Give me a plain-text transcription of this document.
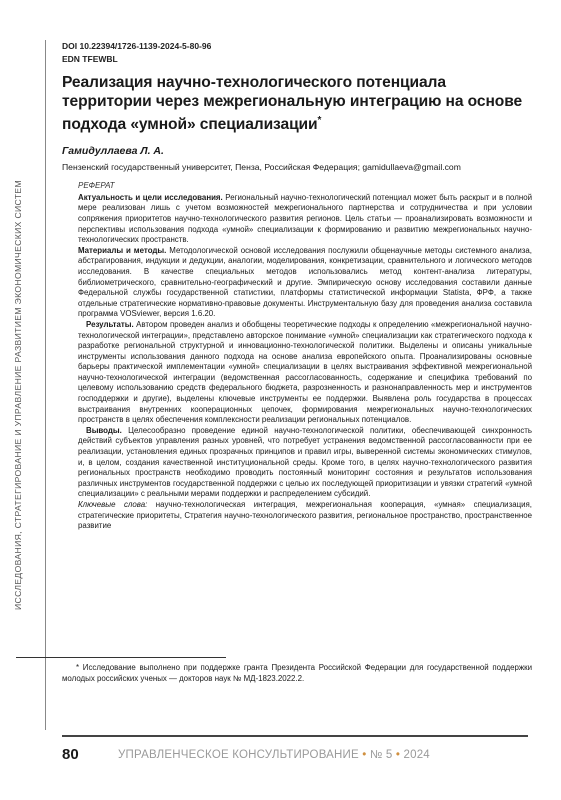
ИССЛЕДОВАНИЯ, СТРАТЕГИРОВАНИЕ И УПРАВЛЕНИЕ РАЗВИТИЕМ ЭКОНОМИЧЕСКИХ СИСТЕМ
DOI 10.22394/1726-1139-2024-5-80-96
EDN TFEWBL
Реализация научно-технологического потенциала территории через межрегиональную интеграцию на основе подхода «умной» специализации*
Гамидуллаева Л. А.
Пензенский государственный университет, Пенза, Российская Федерация; gamidullaeva@gmail.com
РЕФЕРАТ

Актуальность и цели исследования. Региональный научно-технологический потенциал может быть раскрыт и в полной мере реализован лишь с учетом возможностей межрегионального партнерства и сотрудничества и при условии сопряжения приоритетов научно-технологического развития регионов. Цель статьи — проанализировать возможности и перспективы использования подхода «умной» специализации к формированию и развитию межрегиональных научно-технологических пространств.

Материалы и методы. Методологической основой исследования послужили общенаучные методы системного анализа, абстрагирования, индукции и дедукции, аналогии, моделирования, конкретизации, сравнительного и логического методов исследования. В качестве специальных методов использовались метод контент-анализа литературы, библиометрического, сравнительно-географический и другие. Эмпирическую основу исследования составили данные Федеральной службы государственной статистики, платформы статистической информации Statista, ФРФ, а также отдельные стратегические нормативно-правовые документы. Инструментальную базу для проведения анализа составила программа VOSviewer, версия 1.6.20.

Результаты. Автором проведен анализ и обобщены теоретические подходы к определению «межрегиональной научно-технологической интеграции», представлено авторское понимание «умной» специализации как стратегического подхода к разработке региональной структурной и инновационно-технологической политики. Выделены и описаны уникальные инструменты использования данного подхода на основе анализа европейского опыта. Проанализированы основные барьеры практической имплементации «умной» специализации в целях выстраивания эффективной межрегиональной научно-технологической интеграции (ведомственная рассогласованность, содержание и специфика требований по целевому использованию средств федерального бюджета, разрозненность и разнонаправленность мер и инструментов господдержки и другие), выделены ключевые инструменты ее поддержки. Выявлена роль государства в процессах выстраивания внутренних кооперационных цепочек, формирования межрегиональных научно-технологических пространств в целях обеспечения комплексности реализации региональных потенциалов.

Выводы. Целесообразно проведение единой научно-технологической политики, обеспечивающей синхронность действий субъектов управления разных уровней, что потребует устранения ведомственной рассогласованности при ее реализации, установления единых прозрачных принципов и правил игры, выверенной системы экономических стимулов, и, в целом, создания качественной институциональной среды. Кроме того, в целях научно-технологического развития региональных пространств необходимо проводить постоянный мониторинг состояния и результатов использования различных инструментов государственной поддержки с целью их последующей приоритизации и увязки стратегий «умной специализации» с реальными мерами поддержки и распределением субсидий.

Ключевые слова: научно-технологическая интеграция, межрегиональная кооперация, «умная» специализация, стратегические приоритеты, Стратегия научно-технологического развития, региональное пространство, пространственное развитие

* Исследование выполнено при поддержке гранта Президента Российской Федерации для государственной поддержки молодых российских ученых — докторов наук № МД-1823.2022.2.
80	УПРАВЛЕНЧЕСКОЕ КОНСУЛЬТИРОВАНИЕ • № 5 • 2024
